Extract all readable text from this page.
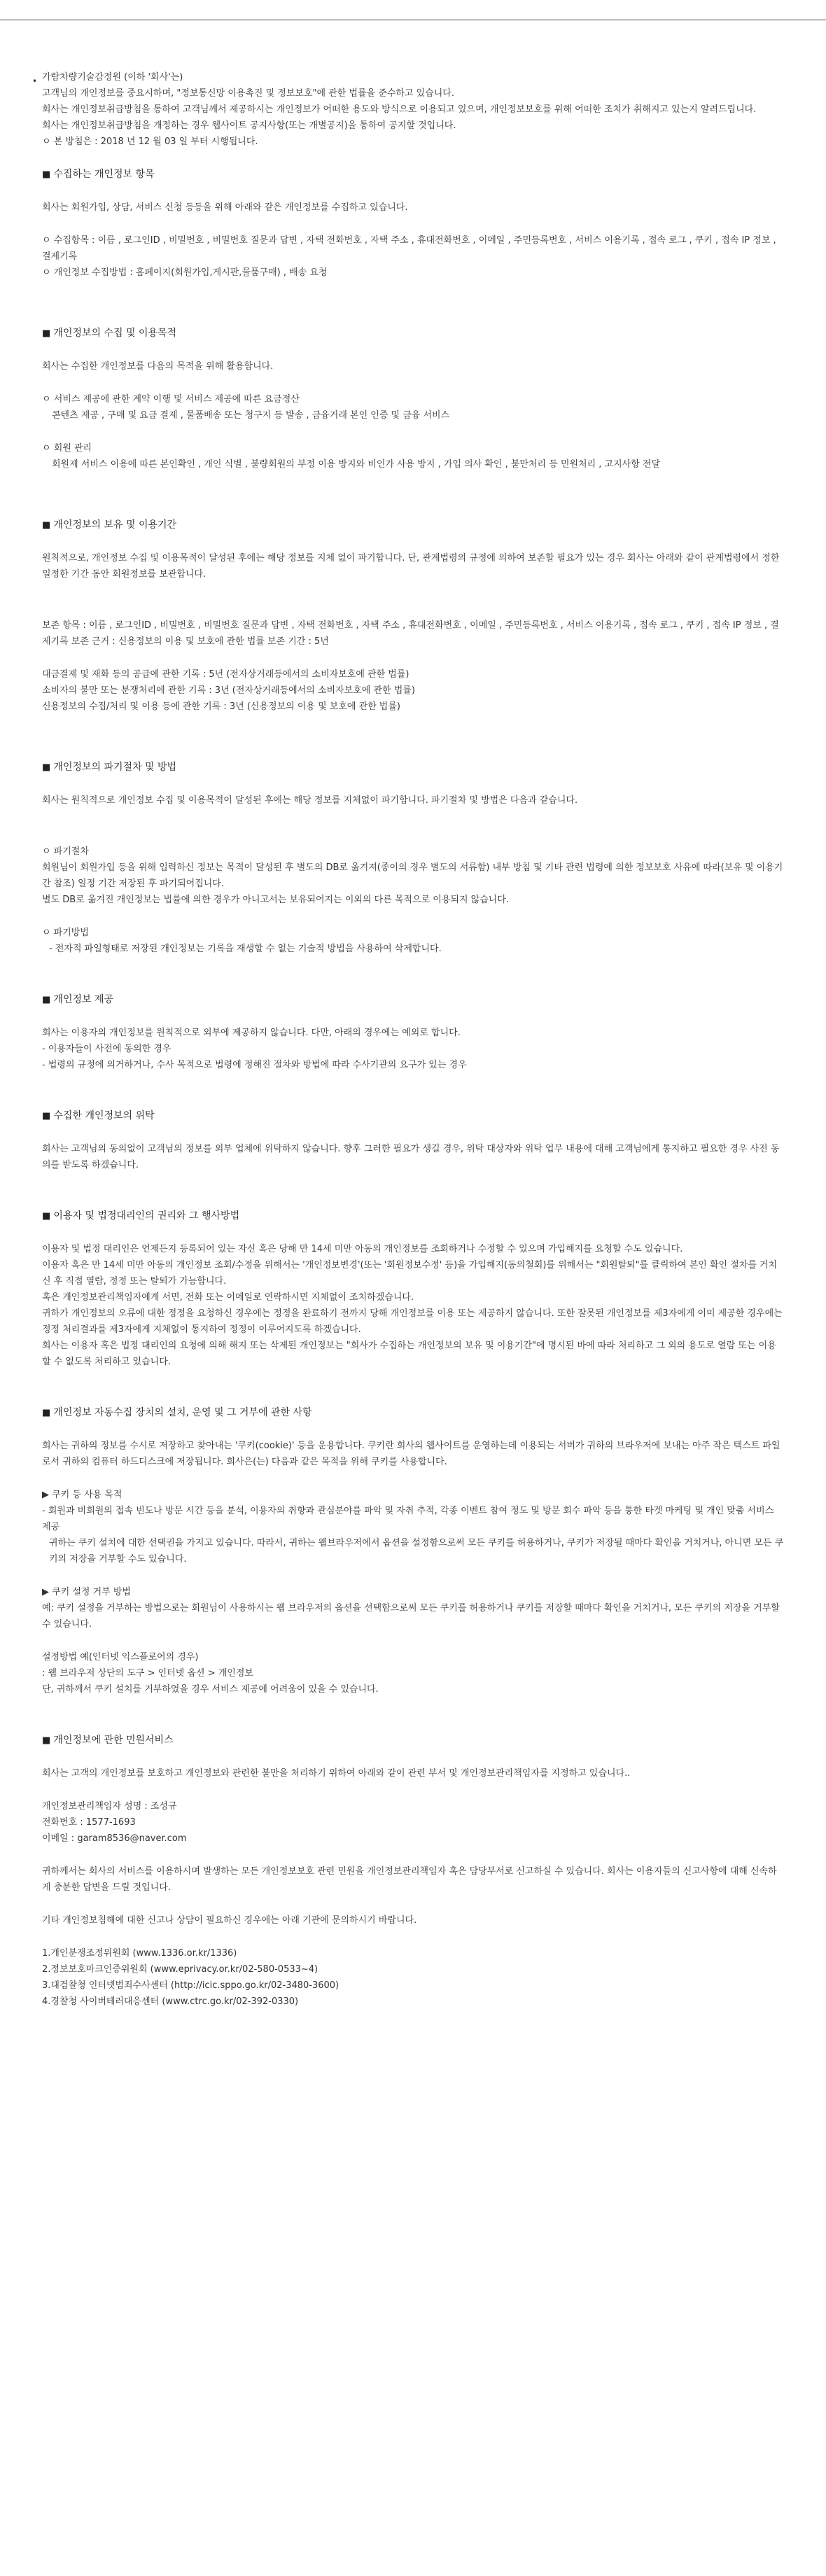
• 가람차량기술감정원 (이하 '회사'는)

고객님의 개인정보를 중요시하며, "정보통신망 이용촉진 및 정보보호"에 관한 법률을 준수하고 있습니다.

회사는 개인정보취급방침을 통하여 고객님께서 제공하시는 개인정보가 어떠한 용도와 방식으로 이용되고 있으며, 개인정보보호를 위해 어떠한 조치가 취해지고 있는지 알려드립니다.

회사는 개인정보취급방침을 개정하는 경우 웹사이트 공지사항(또는 개별공지)을 통하여 공지할 것입니다.

ㅇ 본 방침은 : 2018 년 12 월 03 일 부터 시행됩니다.

■ 수집하는 개인정보 항목

회사는 회원가입, 상담, 서비스 신청 등등을 위해 아래와 같은 개인정보를 수집하고 있습니다.

ㅇ 수집항목 : 이름 , 로그인ID , 비밀번호 , 비밀번호 질문과 답변 , 자택 전화번호 , 자택 주소 , 휴대전화번호 , 이메일 , 주민등록번호 , 서비스 이용기록 , 접속 로그 , 쿠키 , 접속 IP 정보 , 결제기록

ㅇ 개인정보 수집방법 : 홈페이지(회원가입,게시판,물품구매) , 배송 요청

■ 개인정보의 수집 및 이용목적

회사는 수집한 개인정보를 다음의 목적을 위해 활용합니다.

ㅇ 서비스 제공에 관한 계약 이행 및 서비스 제공에 따른 요금정산

콘텐츠 제공 , 구매 및 요금 결제 , 물품배송 또는 청구지 등 발송 , 금융거래 본인 인증 및 금융 서비스

ㅇ 회원 관리

회원제 서비스 이용에 따른 본인확인 , 개인 식별 , 불량회원의 부정 이용 방지와 비인가 사용 방지 , 가입 의사 확인 , 불만처리 등 민원처리 , 고지사항 전달

■ 개인정보의 보유 및 이용기간

원칙적으로, 개인정보 수집 및 이용목적이 달성된 후에는 해당 정보를 지체 없이 파기합니다. 단, 관계법령의 규정에 의하여 보존할 필요가 있는 경우 회사는 아래와 같이 관계법령에서 정한 일정한 기간 동안 회원정보를 보관합니다.

보존 항목 : 이름 , 로그인ID , 비밀번호 , 비밀번호 질문과 답변 , 자택 전화번호 , 자택 주소 , 휴대전화번호 , 이메일 , 주민등록번호 , 서비스 이용기록 , 접속 로그 , 쿠키 , 접속 IP 정보 , 결제기록 보존 근거 : 신용정보의 이용 및 보호에 관한 법률 보존 기간 : 5년

대금결제 및 재화 등의 공급에 관한 기록 : 5년 (전자상거래등에서의 소비자보호에 관한 법률)

소비자의 불만 또는 분쟁처리에 관한 기록 : 3년 (전자상거래등에서의 소비자보호에 관한 법률)

신용정보의 수집/처리 및 이용 등에 관한 기록 : 3년 (신용정보의 이용 및 보호에 관한 법률)

■ 개인정보의 파기절차 및 방법

회사는 원칙적으로 개인정보 수집 및 이용목적이 달성된 후에는 해당 정보를 지체없이 파기합니다. 파기절차 및 방법은 다음과 같습니다.

ㅇ 파기절차

회원님이 회원가입 등을 위해 입력하신 정보는 목적이 달성된 후 별도의 DB로 옮겨져(종이의 경우 별도의 서류함) 내부 방침 및 기타 관련 법령에 의한 정보보호 사유에 따라(보유 및 이용기간 참조) 일정 기간 저장된 후 파기되어집니다.

별도 DB로 옮겨진 개인정보는 법률에 의한 경우가 아니고서는 보유되어지는 이외의 다른 목적으로 이용되지 않습니다.

ㅇ 파기방법

- 전자적 파일형태로 저장된 개인정보는 기록을 재생할 수 없는 기술적 방법을 사용하여 삭제합니다.

■ 개인정보 제공

회사는 이용자의 개인정보를 원칙적으로 외부에 제공하지 않습니다. 다만, 아래의 경우에는 예외로 합니다.

- 이용자들이 사전에 동의한 경우

- 법령의 규정에 의거하거나, 수사 목적으로 법령에 정해진 절차와 방법에 따라 수사기관의 요구가 있는 경우

■ 수집한 개인정보의 위탁

회사는 고객님의 동의없이 고객님의 정보를 외부 업체에 위탁하지 않습니다. 향후 그러한 필요가 생길 경우, 위탁 대상자와 위탁 업무 내용에 대해 고객님에게 통지하고 필요한 경우 사전 동의를 받도록 하겠습니다.

■ 이용자 및 법정대리인의 권리와 그 행사방법

이용자 및 법정 대리인은 언제든지 등록되어 있는 자신 혹은 당해 만 14세 미만 아동의 개인정보를 조회하거나 수정할 수 있으며 가입해지를 요청할 수도 있습니다.

이용자 혹은 만 14세 미만 아동의 개인정보 조회/수정을 위해서는 '개인정보변경'(또는 '회원정보수정' 등)을 가입해지(동의철회)를 위해서는 "회원탈퇴"를 클릭하여 본인 확인 절차를 거치신 후 직접 열람, 정정 또는 탈퇴가 가능합니다.

혹은 개인정보관리책임자에게 서면, 전화 또는 이메일로 연락하시면 지체없이 조치하겠습니다.

귀하가 개인정보의 오류에 대한 정정을 요청하신 경우에는 정정을 완료하기 전까지 당해 개인정보를 이용 또는 제공하지 않습니다. 또한 잘못된 개인정보를 제3자에게 이미 제공한 경우에는 정정 처리결과를 제3자에게 지체없이 통지하여 정정이 이루어지도록 하겠습니다.

회사는 이용자 혹은 법정 대리인의 요청에 의해 해지 또는 삭제된 개인정보는 "회사가 수집하는 개인정보의 보유 및 이용기간"에 명시된 바에 따라 처리하고 그 외의 용도로 열람 또는 이용할 수 없도록 처리하고 있습니다.

■ 개인정보 자동수집 장치의 설치, 운영 및 그 거부에 관한 사항

회사는 귀하의 정보를 수시로 저장하고 찾아내는 '쿠키(cookie)' 등을 운용합니다. 쿠키란 회사의 웹사이트를 운영하는데 이용되는 서버가 귀하의 브라우저에 보내는 아주 작은 텍스트 파일로서 귀하의 컴퓨터 하드디스크에 저장됩니다. 회사은(는) 다음과 같은 목적을 위해 쿠키를 사용합니다.

▶ 쿠키 등 사용 목적

- 회원과 비회원의 접속 빈도나 방문 시간 등을 분석, 이용자의 취향과 관심분야를 파악 및 자취 추적, 각종 이벤트 참여 정도 및 방문 회수 파악 등을 통한 타겟 마케팅 및 개인 맞춤 서비스 제공

귀하는 쿠키 설치에 대한 선택권을 가지고 있습니다. 따라서, 귀하는 웹브라우저에서 옵션을 설정함으로써 모든 쿠키를 허용하거나, 쿠키가 저장될 때마다 확인을 거치거나, 아니면 모든 쿠키의 저장을 거부할 수도 있습니다.

▶ 쿠키 설정 거부 방법

예: 쿠키 설정을 거부하는 방법으로는 회원님이 사용하시는 웹 브라우저의 옵션을 선택함으로써 모든 쿠키를 허용하거나 쿠키를 저장할 때마다 확인을 거치거나, 모든 쿠키의 저장을 거부할 수 있습니다.

설정방법 예(인터넷 익스플로어의 경우)

: 웹 브라우저 상단의 도구 > 인터넷 옵션 > 개인정보

단, 귀하께서 쿠키 설치를 거부하였을 경우 서비스 제공에 어려움이 있을 수 있습니다.

■ 개인정보에 관한 민원서비스

회사는 고객의 개인정보를 보호하고 개인정보와 관련한 불만을 처리하기 위하여 아래와 같이 관련 부서 및 개인정보관리책임자를 지정하고 있습니다..

개인정보관리책임자 성명 : 조성규

전화번호 : 1577-1693

이메일 : garam8536@naver.com

귀하께서는 회사의 서비스를 이용하시며 발생하는 모든 개인정보보호 관련 민원을 개인정보관리책임자 혹은 담당부서로 신고하실 수 있습니다. 회사는 이용자들의 신고사항에 대해 신속하게 충분한 답변을 드릴 것입니다.

기타 개인정보침해에 대한 신고나 상담이 필요하신 경우에는 아래 기관에 문의하시기 바랍니다.

1.개인분쟁조정위원회 (www.1336.or.kr/1336)

2.정보보호마크인증위원회 (www.eprivacy.or.kr/02-580-0533~4)

3.대검찰청 인터넷범죄수사센터 (http://icic.sppo.go.kr/02-3480-3600)

4.경찰청 사이버테러대응센터 (www.ctrc.go.kr/02-392-0330)
